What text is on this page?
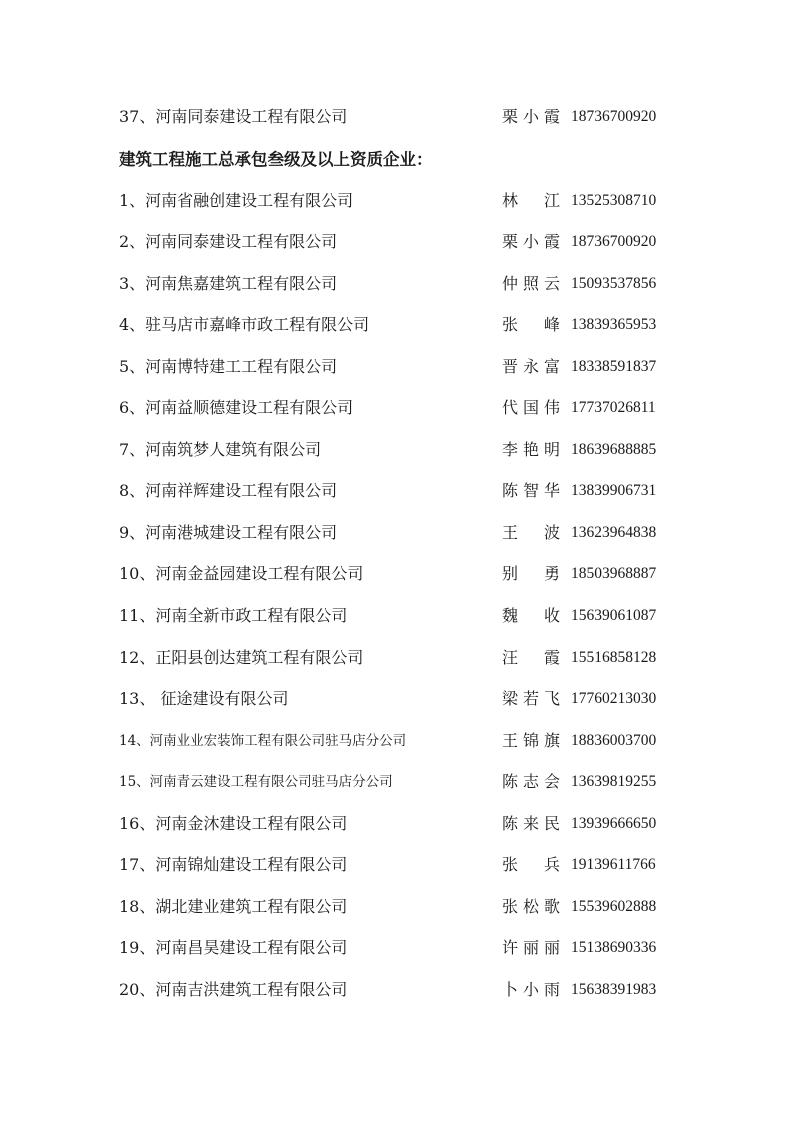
37、河南同泰建设工程有限公司	栗小霞 18736700920
建筑工程施工总承包叁级及以上资质企业：
1、河南省融创建设工程有限公司	林 江 13525308710
2、河南同泰建设工程有限公司	栗小霞 18736700920
3、河南焦嘉建筑工程有限公司	仲照云 15093537856
4、驻马店市嘉峰市政工程有限公司	张 峰 13839365953
5、河南博特建工工程有限公司	晋永富 18338591837
6、河南益顺德建设工程有限公司	代国伟 17737026811
7、河南筑梦人建筑有限公司	李艳明 18639688885
8、河南祥辉建设工程有限公司	陈智华 13839906731
9、河南港城建设工程有限公司	王 波 13623964838
10、河南金益园建设工程有限公司	别 勇 18503968887
11、河南全新市政工程有限公司	魏 收 15639061087
12、正阳县创达建筑工程有限公司	汪 霞 15516858128
13、 征途建设有限公司	梁若飞 17760213030
14、河南业业宏装饰工程有限公司驻马店分公司	王锦旗 18836003700
15、河南青云建设工程有限公司驻马店分公司	陈志会 13639819255
16、河南金沐建设工程有限公司	陈来民 13939666650
17、河南锦灿建设工程有限公司	张 兵 19139611766
18、湖北建业建筑工程有限公司	张松歌 15539602888
19、河南昌昊建设工程有限公司	许丽丽 15138690336
20、河南吉洪建筑工程有限公司	卜小雨 15638391983
